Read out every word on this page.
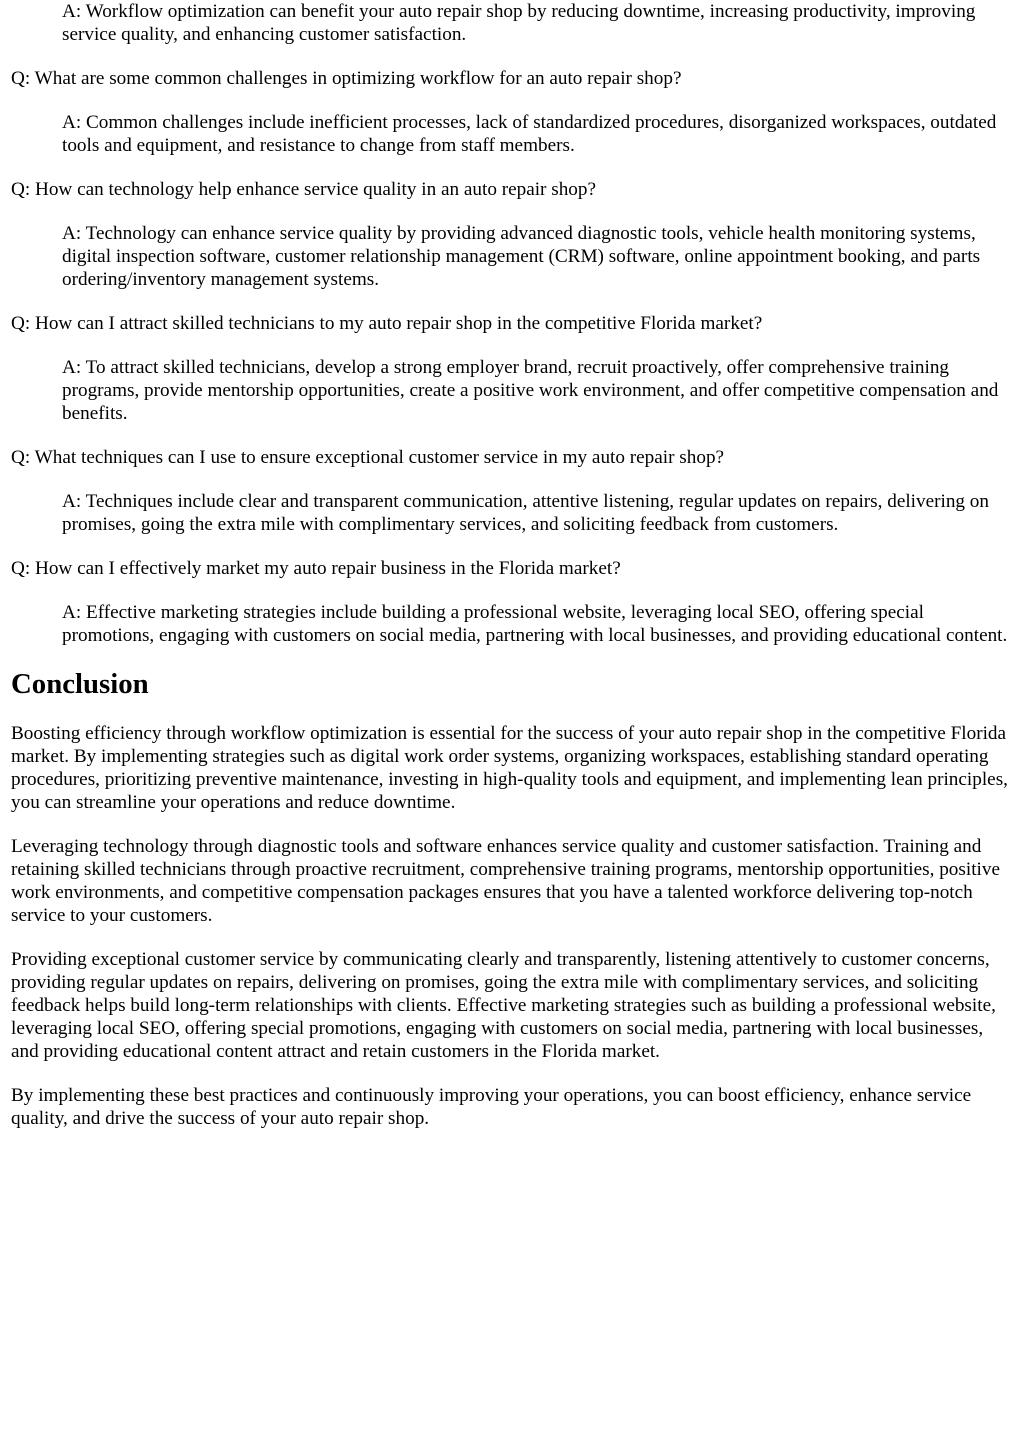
A: Workflow optimization can benefit your auto repair shop by reducing downtime, increasing productivity, improving service quality, and enhancing customer satisfaction.

Q: What are some common challenges in optimizing workflow for an auto repair shop?

A: Common challenges include inefficient processes, lack of standardized procedures, disorganized workspaces, outdated tools and equipment, and resistance to change from staff members.

Q: How can technology help enhance service quality in an auto repair shop?

A: Technology can enhance service quality by providing advanced diagnostic tools, vehicle health monitoring systems, digital inspection software, customer relationship management (CRM) software, online appointment booking, and parts ordering/inventory management systems.

Q: How can I attract skilled technicians to my auto repair shop in the competitive Florida market?

A: To attract skilled technicians, develop a strong employer brand, recruit proactively, offer comprehensive training programs, provide mentorship opportunities, create a positive work environment, and offer competitive compensation and benefits.

Q: What techniques can I use to ensure exceptional customer service in my auto repair shop?

A: Techniques include clear and transparent communication, attentive listening, regular updates on repairs, delivering on promises, going the extra mile with complimentary services, and soliciting feedback from customers.

Q: How can I effectively market my auto repair business in the Florida market?

A: Effective marketing strategies include building a professional website, leveraging local SEO, offering special promotions, engaging with customers on social media, partnering with local businesses, and providing educational content.

Conclusion

Boosting efficiency through workflow optimization is essential for the success of your auto repair shop in the competitive Florida market. By implementing strategies such as digital work order systems, organizing workspaces, establishing standard operating procedures, prioritizing preventive maintenance, investing in high-quality tools and equipment, and implementing lean principles, you can streamline your operations and reduce downtime.

Leveraging technology through diagnostic tools and software enhances service quality and customer satisfaction. Training and retaining skilled technicians through proactive recruitment, comprehensive training programs, mentorship opportunities, positive work environments, and competitive compensation packages ensures that you have a talented workforce delivering top-notch service to your customers.

Providing exceptional customer service by communicating clearly and transparently, listening attentively to customer concerns, providing regular updates on repairs, delivering on promises, going the extra mile with complimentary services, and soliciting feedback helps build long-term relationships with clients. Effective marketing strategies such as building a professional website, leveraging local SEO, offering special promotions, engaging with customers on social media, partnering with local businesses, and providing educational content attract and retain customers in the Florida market.

By implementing these best practices and continuously improving your operations, you can boost efficiency, enhance service quality, and drive the success of your auto repair shop.
